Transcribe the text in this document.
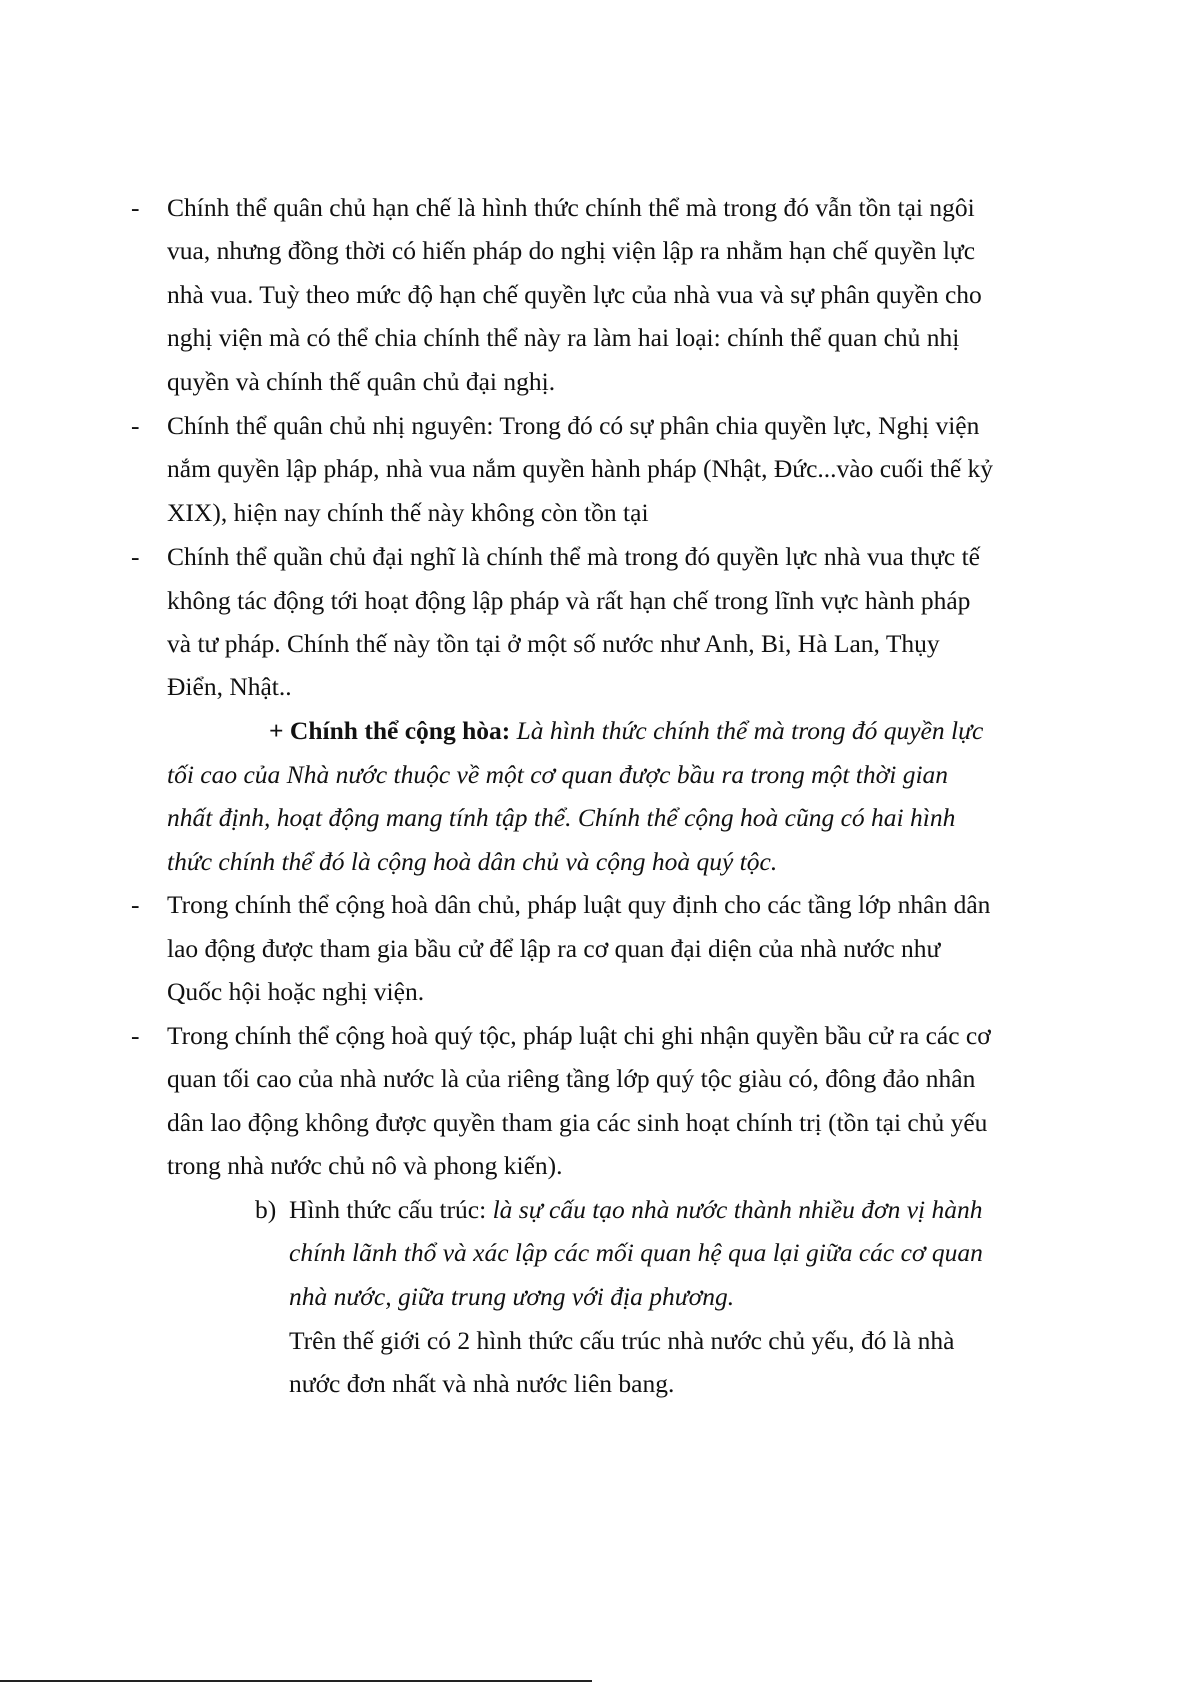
- Chính thể quân chủ hạn chế là hình thức chính thể mà trong đó vẫn tồn tại ngôi
vua, nhưng đồng thời có hiến pháp do nghị viện lập ra nhằm hạn chế quyền lực
nhà vua. Tuỳ theo mức độ hạn chế quyền lực của nhà vua và sự phân quyền cho
nghị viện mà có thể chia chính thể này ra làm hai loại: chính thể quan chủ nhị
quyền và chính thế quân chủ đại nghị.
- Chính thể quân chủ nhị nguyên: Trong đó có sự phân chia quyền lực, Nghị viện
nắm quyền lập pháp, nhà vua nắm quyền hành pháp (Nhật, Đức...vào cuối thế kỷ
XIX), hiện nay chính thế này không còn tồn tại
- Chính thể quần chủ đại nghĩ là chính thể mà trong đó quyền lực nhà vua thực tế
không tác động tới hoạt động lập pháp và rất hạn chế trong lĩnh vực hành pháp
và tư pháp. Chính thế này tồn tại ở một số nước như Anh, Bi, Hà Lan, Thụy
Điển, Nhật..
+ Chính thể cộng hòa: Là hình thức chính thể mà trong đó quyền lực
tối cao của Nhà nước thuộc về một cơ quan được bầu ra trong một thời gian
nhất định, hoạt động mang tính tập thể. Chính thể cộng hoà cũng có hai hình
thức chính thể đó là cộng hoà dân chủ và cộng hoà quý tộc.
- Trong chính thể cộng hoà dân chủ, pháp luật quy định cho các tầng lớp nhân dân
lao động được tham gia bầu cử để lập ra cơ quan đại diện của nhà nước như
Quốc hội hoặc nghị viện.
- Trong chính thể cộng hoà quý tộc, pháp luật chi ghi nhận quyền bầu cử ra các cơ
quan tối cao của nhà nước là của riêng tầng lớp quý tộc giàu có, đông đảo nhân
dân lao động không được quyền tham gia các sinh hoạt chính trị (tồn tại chủ yếu
trong nhà nước chủ nô và phong kiến).
b) Hình thức cấu trúc: là sự cấu tạo nhà nước thành nhiều đơn vị hành
chính lãnh thổ và xác lập các mối quan hệ qua lại giữa các cơ quan
nhà nước, giữa trung ương với địa phương.
Trên thế giới có 2 hình thức cấu trúc nhà nước chủ yếu, đó là nhà
nước đơn nhất và nhà nước liên bang.
